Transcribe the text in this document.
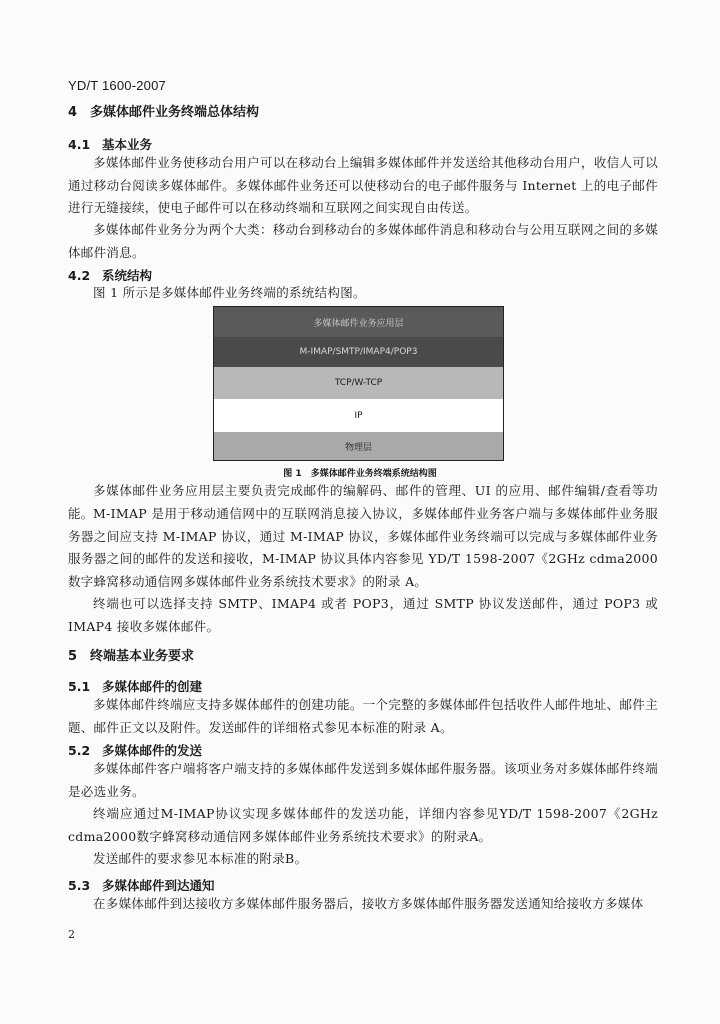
YD/T 1600-2007
4 多媒体邮件业务终端总体结构
4.1 基本业务

多媒体邮件业务使移动台用户可以在移动台上编辑多媒体邮件并发送给其他移动台用户，收信人可以通过移动台阅读多媒体邮件。多媒体邮件业务还可以使移动台的电子邮件服务与 Internet 上的电子邮件进行无缝接续，使电子邮件可以在移动终端和互联网之间实现自由传送。

多媒体邮件业务分为两个大类：移动台到移动台的多媒体邮件消息和移动台与公用互联网之间的多媒体邮件消息。

4.2 系统结构

图 1 所示是多媒体邮件业务终端的系统结构图。

多媒体邮件业务应用层
M-IMAP/SMTP/IMAP4/POP3
TCP/W-TCP
IP
物理层
图 1　多媒体邮件业务终端系统结构图

多媒体邮件业务应用层主要负责完成邮件的编解码、邮件的管理、UI 的应用、邮件编辑/查看等功能。 M-IMAP 是用于移动通信网中的互联网消息接入协议，多媒体邮件业务客户端与多媒体邮件业务服务器之间应支持 M-IMAP 协议，通过 M-IMAP 协议，多媒体邮件业务终端可以完成与多媒体邮件业务服务器之间的邮件的发送和接收，M-IMAP 协议具体内容参见 YD/T 1598-2007《2GHz cdma2000 数字蜂窝移动通信网多媒体邮件业务系统技术要求》的附录 A。

终端也可以选择支持 SMTP、IMAP4 或者 POP3，通过 SMTP 协议发送邮件，通过 POP3 或 IMAP4 接收多媒体邮件。

5 终端基本业务要求
5.1 多媒体邮件的创建

多媒体邮件终端应支持多媒体邮件的创建功能。一个完整的多媒体邮件包括收件人邮件地址、邮件主题、邮件正文以及附件。发送邮件的详细格式参见本标准的附录 A。

5.2 多媒体邮件的发送

多媒体邮件客户端将客户端支持的多媒体邮件发送到多媒体邮件服务器。该项业务对多媒体邮件终端是必选业务。

终端应通过M-IMAP协议实现多媒体邮件的发送功能，详细内容参见YD/T 1598-2007《2GHz cdma2000数字蜂窝移动通信网多媒体邮件业务系统技术要求》的附录A。

发送邮件的要求参见本标准的附录B。

5.3 多媒体邮件到达通知

在多媒体邮件到达接收方多媒体邮件服务器后，接收方多媒体邮件服务器发送通知给接收方多媒体

2
